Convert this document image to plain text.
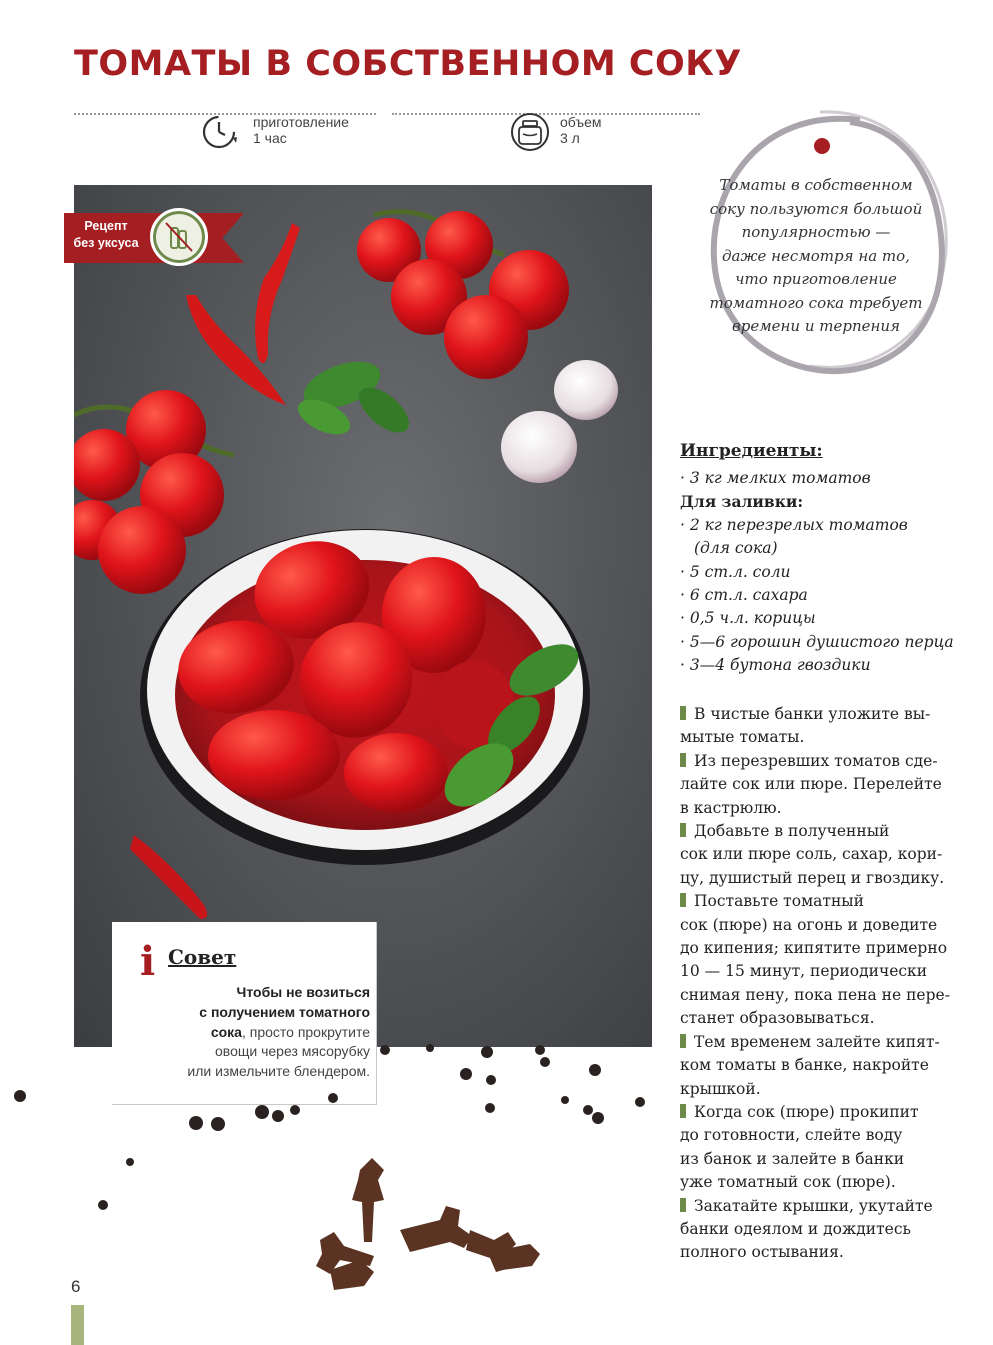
ТОМАТЫ В СОБСТВЕННОМ СОКУ
приготовление
1 час
объем
3 л
Рецепт
без уксуса
Томаты в собственном
соку пользуются большой
популярностью —
даже несмотря на то,
что приготовление
томатного сока требует
времени и терпения
Ингредиенты:
· 3 кг мелких томатов
Для заливки:
· 2 кг перезрелых томатов
(для сока)
· 5 ст.л. соли
· 6 ст.л. сахара
· 0,5 ч.л. корицы
· 5—6 горошин душистого перца
· 3—4 бутона гвоздики
В чистые банки уложите вы-
мытые томаты.
Из перезревших томатов сде-
лайте сок или пюре. Перелейте
в кастрюлю.
Добавьте в полученный
сок или пюре соль, сахар, кори-
цу, душистый перец и гвоздику.
Поставьте томатный
сок (пюре) на огонь и доведите
до кипения; кипятите примерно
10 — 15 минут, периодически
снимая пену, пока пена не пере-
станет образовываться.
Тем временем залейте кипят-
ком томаты в банке, накройте
крышкой.
Когда сок (пюре) прокипит
до готовности, слейте воду
из банок и залейте в банки
уже томатный сок (пюре).
Закатайте крышки, укутайте
банки одеялом и дождитесь
полного остывания.
i Совет
Чтобы не возиться
с получением томатного
сока, просто прокрутите
овощи через мясорубку
или измельчите блендером.
6
